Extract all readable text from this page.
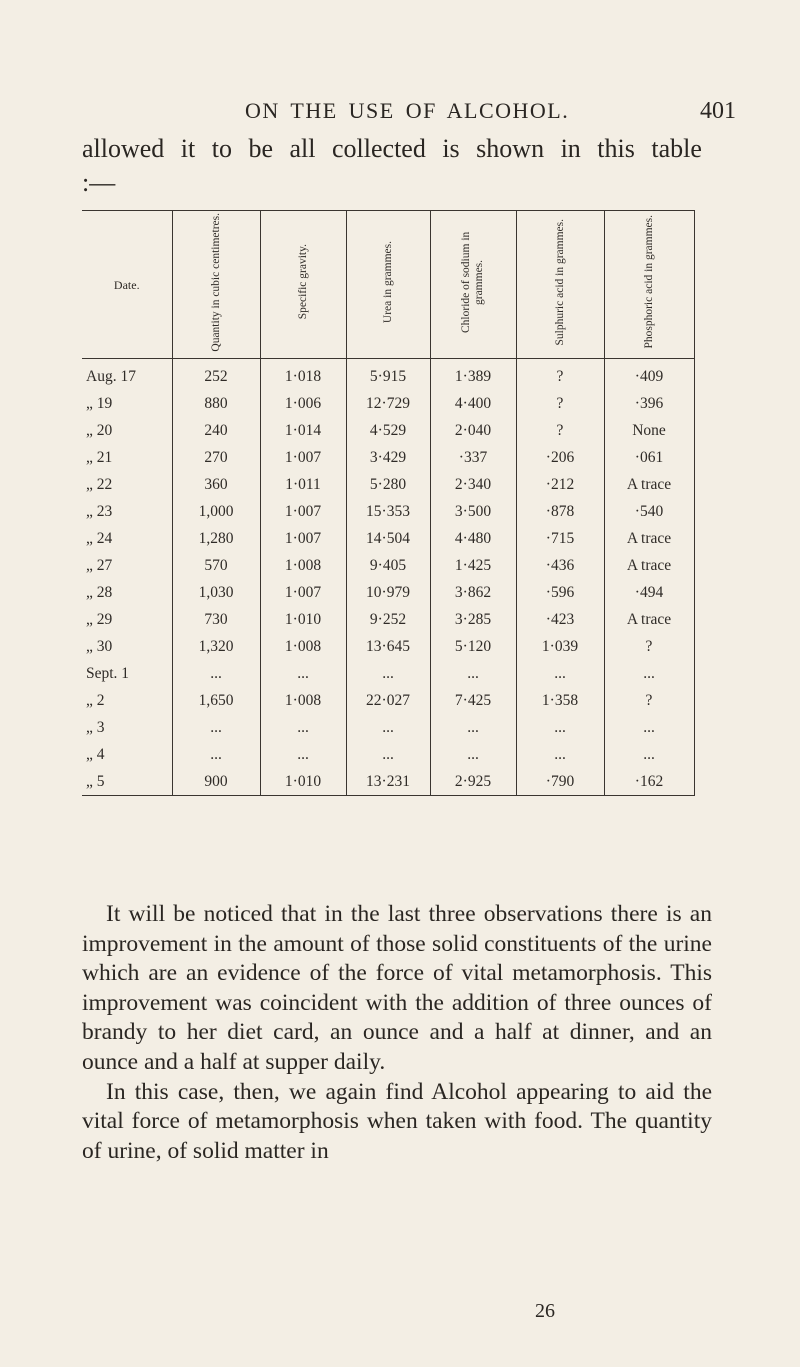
ON THE USE OF ALCOHOL.	401
allowed it to be all collected is shown in this table :—
Date.	Quantity in cubic centimetres.	Specific gravity.	Urea in grammes.	Chloride of sodium in grammes.	Sulphuric acid in grammes.	Phosphoric acid in grammes.
Aug. 17	252	1·018	5·915	1·389	?	·409
„ 19	880	1·006	12·729	4·400	?	·396
„ 20	240	1·014	4·529	2·040	?	None
„ 21	270	1·007	3·429	·337	·206	·061
„ 22	360	1·011	5·280	2·340	·212	A trace
„ 23	1,000	1·007	15·353	3·500	·878	·540
„ 24	1,280	1·007	14·504	4·480	·715	A trace
„ 27	570	1·008	9·405	1·425	·436	A trace
„ 28	1,030	1·007	10·979	3·862	·596	·494
„ 29	730	1·010	9·252	3·285	·423	A trace
„ 30	1,320	1·008	13·645	5·120	1·039	?
Sept. 1	...	...	...	...	...	...
„ 2	1,650	1·008	22·027	7·425	1·358	?
„ 3	...	...	...	...	...	...
„ 4	...	...	...	...	...	...
„ 5	900	1·010	13·231	2·925	·790	·162

It will be noticed that in the last three observations there is an improvement in the amount of those solid constituents of the urine which are an evidence of the force of vital metamorphosis. This improvement was coincident with the addition of three ounces of brandy to her diet card, an ounce and a half at dinner, and an ounce and a half at supper daily.

In this case, then, we again find Alcohol appearing to aid the vital force of metamorphosis when taken with food. The quantity of urine, of solid matter in

26
